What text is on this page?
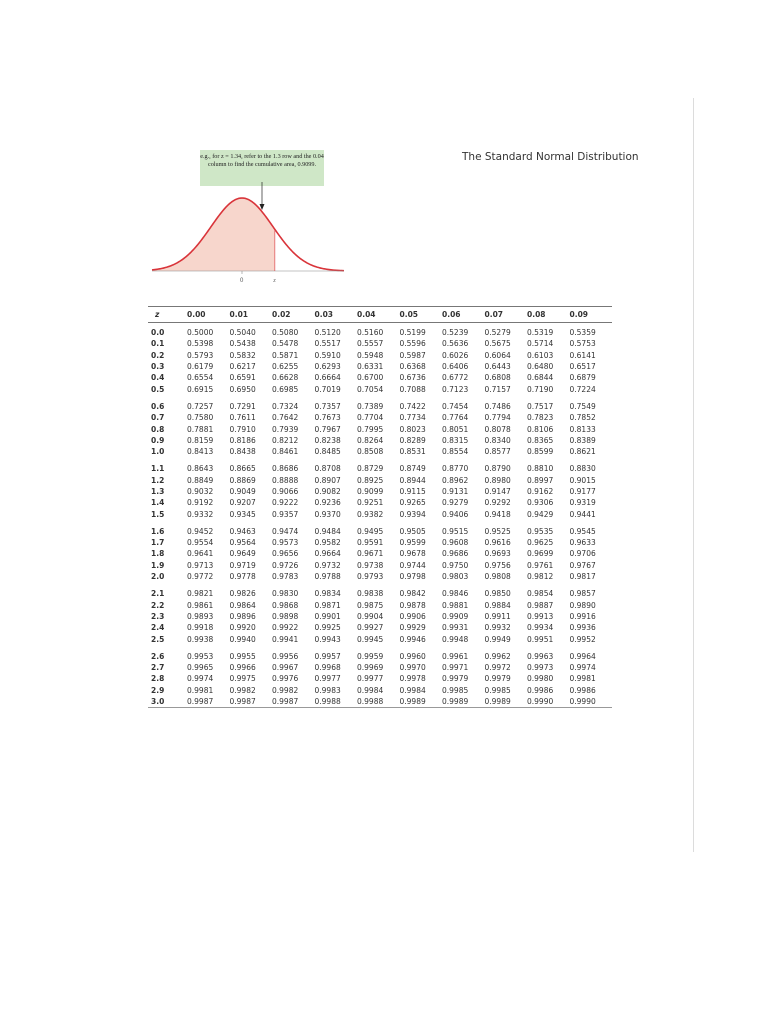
The Standard Normal Distribution
e.g., for z = 1.34, refer to the 1.3 row and the 0.04 column to find the cumulative area, 0.9099.
0	z
z	0.00	0.01	0.02	0.03	0.04	0.05	0.06	0.07	0.08	0.09

0.0	0.5000	0.5040	0.5080	0.5120	0.5160	0.5199	0.5239	0.5279	0.5319	0.5359
0.1	0.5398	0.5438	0.5478	0.5517	0.5557	0.5596	0.5636	0.5675	0.5714	0.5753
0.2	0.5793	0.5832	0.5871	0.5910	0.5948	0.5987	0.6026	0.6064	0.6103	0.6141
0.3	0.6179	0.6217	0.6255	0.6293	0.6331	0.6368	0.6406	0.6443	0.6480	0.6517
0.4	0.6554	0.6591	0.6628	0.6664	0.6700	0.6736	0.6772	0.6808	0.6844	0.6879
0.5	0.6915	0.6950	0.6985	0.7019	0.7054	0.7088	0.7123	0.7157	0.7190	0.7224

0.6	0.7257	0.7291	0.7324	0.7357	0.7389	0.7422	0.7454	0.7486	0.7517	0.7549
0.7	0.7580	0.7611	0.7642	0.7673	0.7704	0.7734	0.7764	0.7794	0.7823	0.7852
0.8	0.7881	0.7910	0.7939	0.7967	0.7995	0.8023	0.8051	0.8078	0.8106	0.8133
0.9	0.8159	0.8186	0.8212	0.8238	0.8264	0.8289	0.8315	0.8340	0.8365	0.8389
1.0	0.8413	0.8438	0.8461	0.8485	0.8508	0.8531	0.8554	0.8577	0.8599	0.8621

1.1	0.8643	0.8665	0.8686	0.8708	0.8729	0.8749	0.8770	0.8790	0.8810	0.8830
1.2	0.8849	0.8869	0.8888	0.8907	0.8925	0.8944	0.8962	0.8980	0.8997	0.9015
1.3	0.9032	0.9049	0.9066	0.9082	0.9099	0.9115	0.9131	0.9147	0.9162	0.9177
1.4	0.9192	0.9207	0.9222	0.9236	0.9251	0.9265	0.9279	0.9292	0.9306	0.9319
1.5	0.9332	0.9345	0.9357	0.9370	0.9382	0.9394	0.9406	0.9418	0.9429	0.9441

1.6	0.9452	0.9463	0.9474	0.9484	0.9495	0.9505	0.9515	0.9525	0.9535	0.9545
1.7	0.9554	0.9564	0.9573	0.9582	0.9591	0.9599	0.9608	0.9616	0.9625	0.9633
1.8	0.9641	0.9649	0.9656	0.9664	0.9671	0.9678	0.9686	0.9693	0.9699	0.9706
1.9	0.9713	0.9719	0.9726	0.9732	0.9738	0.9744	0.9750	0.9756	0.9761	0.9767
2.0	0.9772	0.9778	0.9783	0.9788	0.9793	0.9798	0.9803	0.9808	0.9812	0.9817

2.1	0.9821	0.9826	0.9830	0.9834	0.9838	0.9842	0.9846	0.9850	0.9854	0.9857
2.2	0.9861	0.9864	0.9868	0.9871	0.9875	0.9878	0.9881	0.9884	0.9887	0.9890
2.3	0.9893	0.9896	0.9898	0.9901	0.9904	0.9906	0.9909	0.9911	0.9913	0.9916
2.4	0.9918	0.9920	0.9922	0.9925	0.9927	0.9929	0.9931	0.9932	0.9934	0.9936
2.5	0.9938	0.9940	0.9941	0.9943	0.9945	0.9946	0.9948	0.9949	0.9951	0.9952

2.6	0.9953	0.9955	0.9956	0.9957	0.9959	0.9960	0.9961	0.9962	0.9963	0.9964
2.7	0.9965	0.9966	0.9967	0.9968	0.9969	0.9970	0.9971	0.9972	0.9973	0.9974
2.8	0.9974	0.9975	0.9976	0.9977	0.9977	0.9978	0.9979	0.9979	0.9980	0.9981
2.9	0.9981	0.9982	0.9982	0.9983	0.9984	0.9984	0.9985	0.9985	0.9986	0.9986
3.0	0.9987	0.9987	0.9987	0.9988	0.9988	0.9989	0.9989	0.9989	0.9990	0.9990
